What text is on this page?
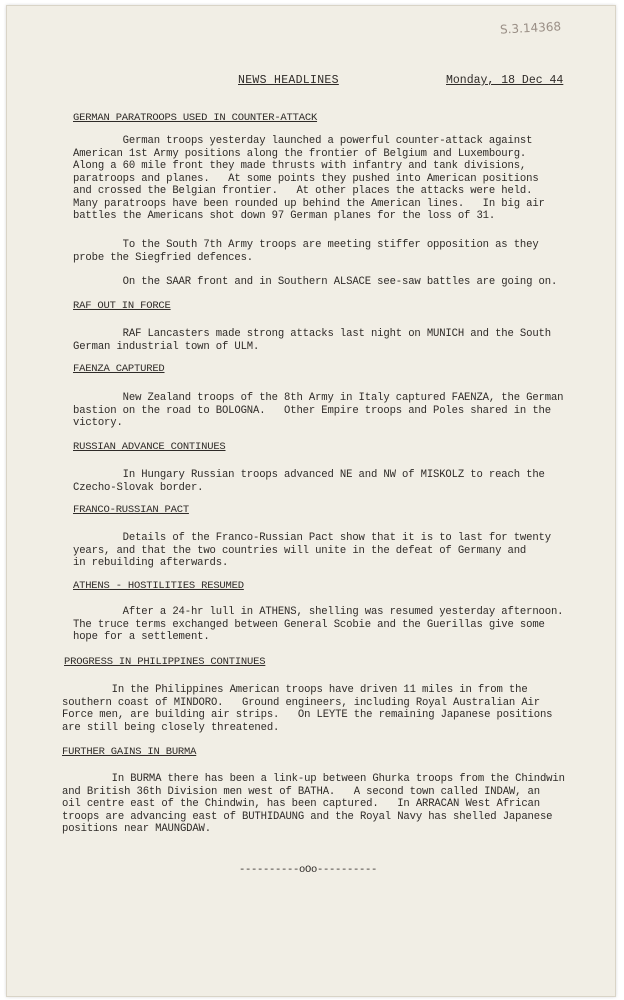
S.3.14368
NEWS HEADLINES	Monday, 18 Dec 44
GERMAN PARATROOPS USED IN COUNTER-ATTACK
German troops yesterday launched a powerful counter-attack against
American 1st Army positions along the frontier of Belgium and Luxembourg.
Along a 60 mile front they made thrusts with infantry and tank divisions,
paratroops and planes.   At some points they pushed into American positions
and crossed the Belgian frontier.   At other places the attacks were held.
Many paratroops have been rounded up behind the American lines.   In big air
battles the Americans shot down 97 German planes for the loss of 31.
To the South 7th Army troops are meeting stiffer opposition as they
probe the Siegfried defences.
On the SAAR front and in Southern ALSACE see-saw battles are going on.
RAF OUT IN FORCE
RAF Lancasters made strong attacks last night on MUNICH and the South
German industrial town of ULM.
FAENZA CAPTURED
New Zealand troops of the 8th Army in Italy captured FAENZA, the German
bastion on the road to BOLOGNA.   Other Empire troops and Poles shared in the
victory.
RUSSIAN ADVANCE CONTINUES
In Hungary Russian troops advanced NE and NW of MISKOLZ to reach the
Czecho-Slovak border.
FRANCO-RUSSIAN PACT
Details of the Franco-Russian Pact show that it is to last for twenty
years, and that the two countries will unite in the defeat of Germany and
in rebuilding afterwards.
ATHENS - HOSTILITIES RESUMED
After a 24-hr lull in ATHENS, shelling was resumed yesterday afternoon.
The truce terms exchanged between General Scobie and the Guerillas give some
hope for a settlement.
PROGRESS IN PHILIPPINES CONTINUES
In the Philippines American troops have driven 11 miles in from the
southern coast of MINDORO.   Ground engineers, including Royal Australian Air
Force men, are building air strips.   On LEYTE the remaining Japanese positions
are still being closely threatened.
FURTHER GAINS IN BURMA
In BURMA there has been a link-up between Ghurka troops from the Chindwin
and British 36th Division men west of BATHA.   A second town called INDAW, an
oil centre east of the Chindwin, has been captured.   In ARRACAN West African
troops are advancing east of BUTHIDAUNG and the Royal Navy has shelled Japanese
positions near MAUNGDAW.
----------oOo----------
